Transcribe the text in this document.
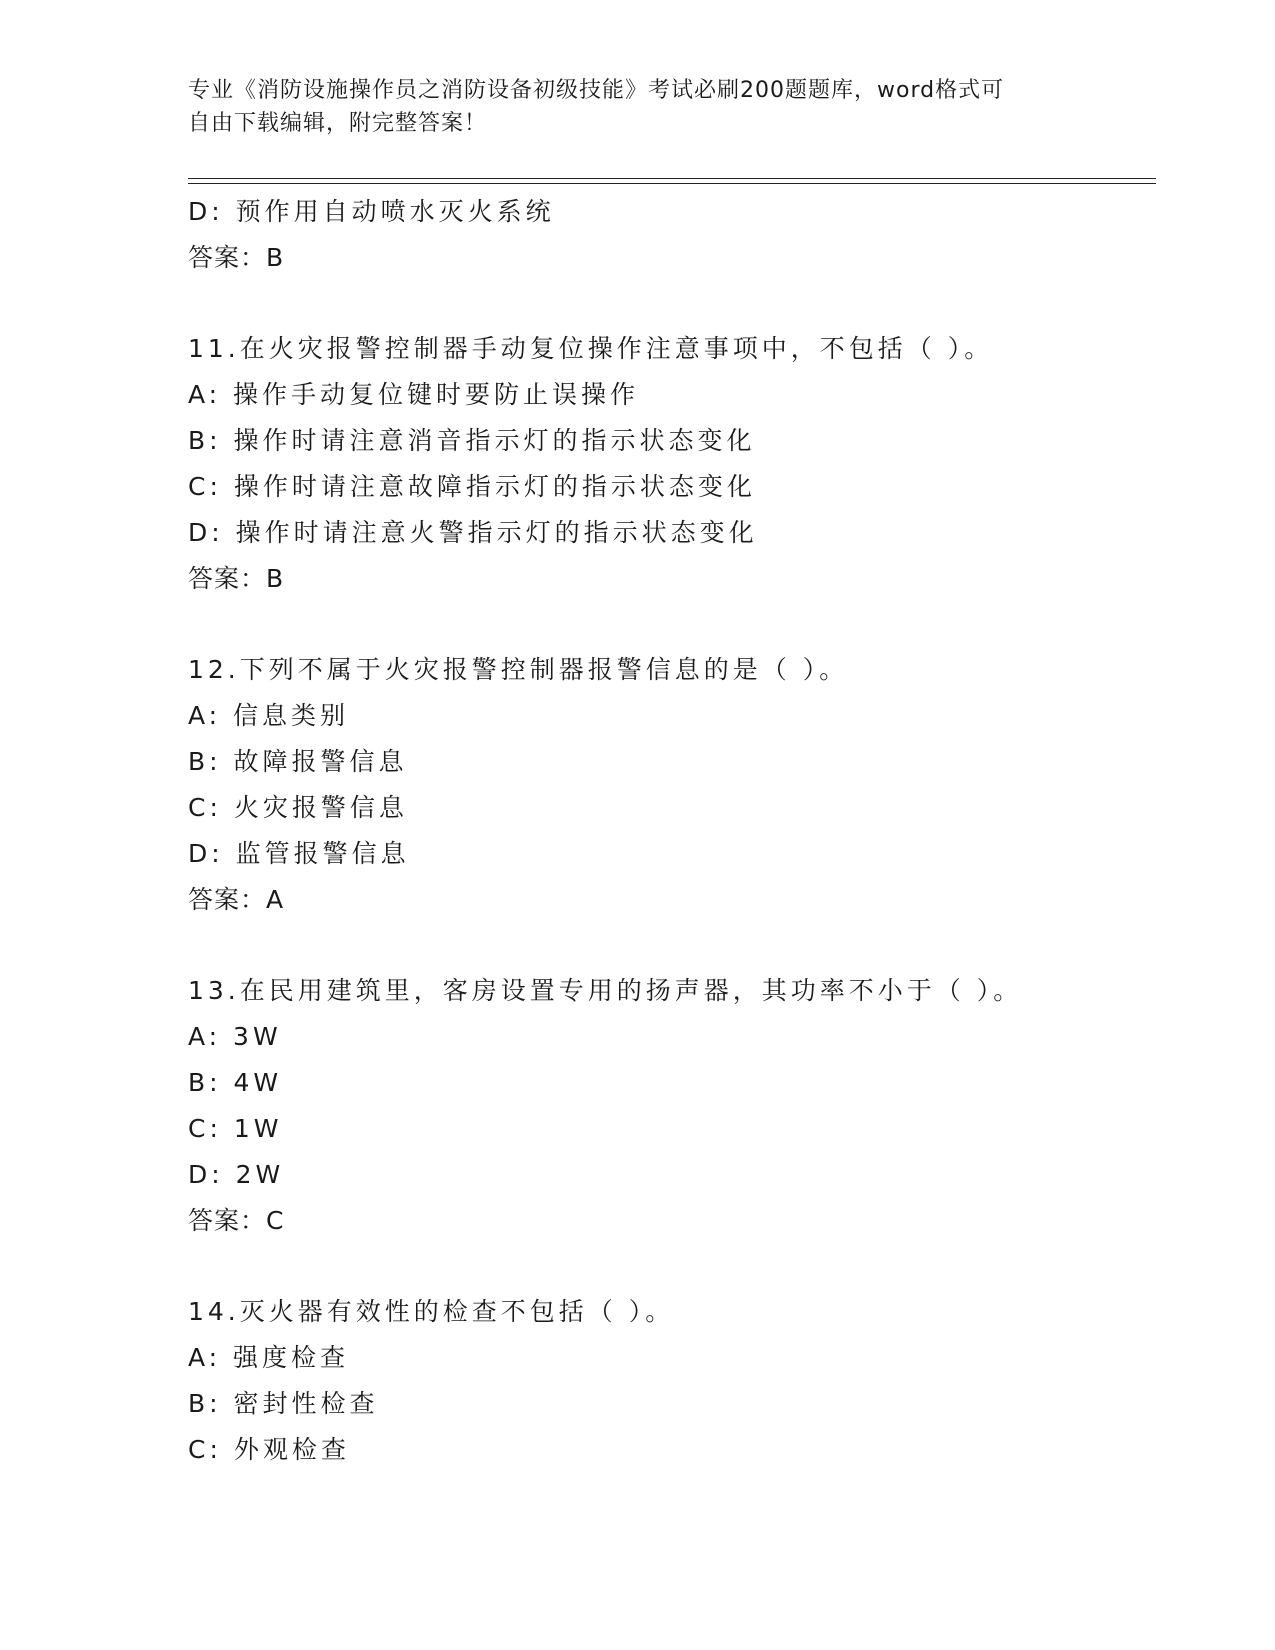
专业《消防设施操作员之消防设备初级技能》考试必刷200题题库，word格式可
自由下载编辑，附完整答案！
D: 预作用自动喷水灭火系统
答案：B
11.在火灾报警控制器手动复位操作注意事项中，不包括（ ）。
A: 操作手动复位键时要防止误操作
B: 操作时请注意消音指示灯的指示状态变化
C: 操作时请注意故障指示灯的指示状态变化
D: 操作时请注意火警指示灯的指示状态变化
答案：B
12.下列不属于火灾报警控制器报警信息的是（ ）。
A: 信息类别
B: 故障报警信息
C: 火灾报警信息
D: 监管报警信息
答案：A
13.在民用建筑里，客房设置专用的扬声器，其功率不小于（ ）。
A: 3W
B: 4W
C: 1W
D: 2W
答案：C
14.灭火器有效性的检查不包括（ ）。
A: 强度检查
B: 密封性检查
C: 外观检查
